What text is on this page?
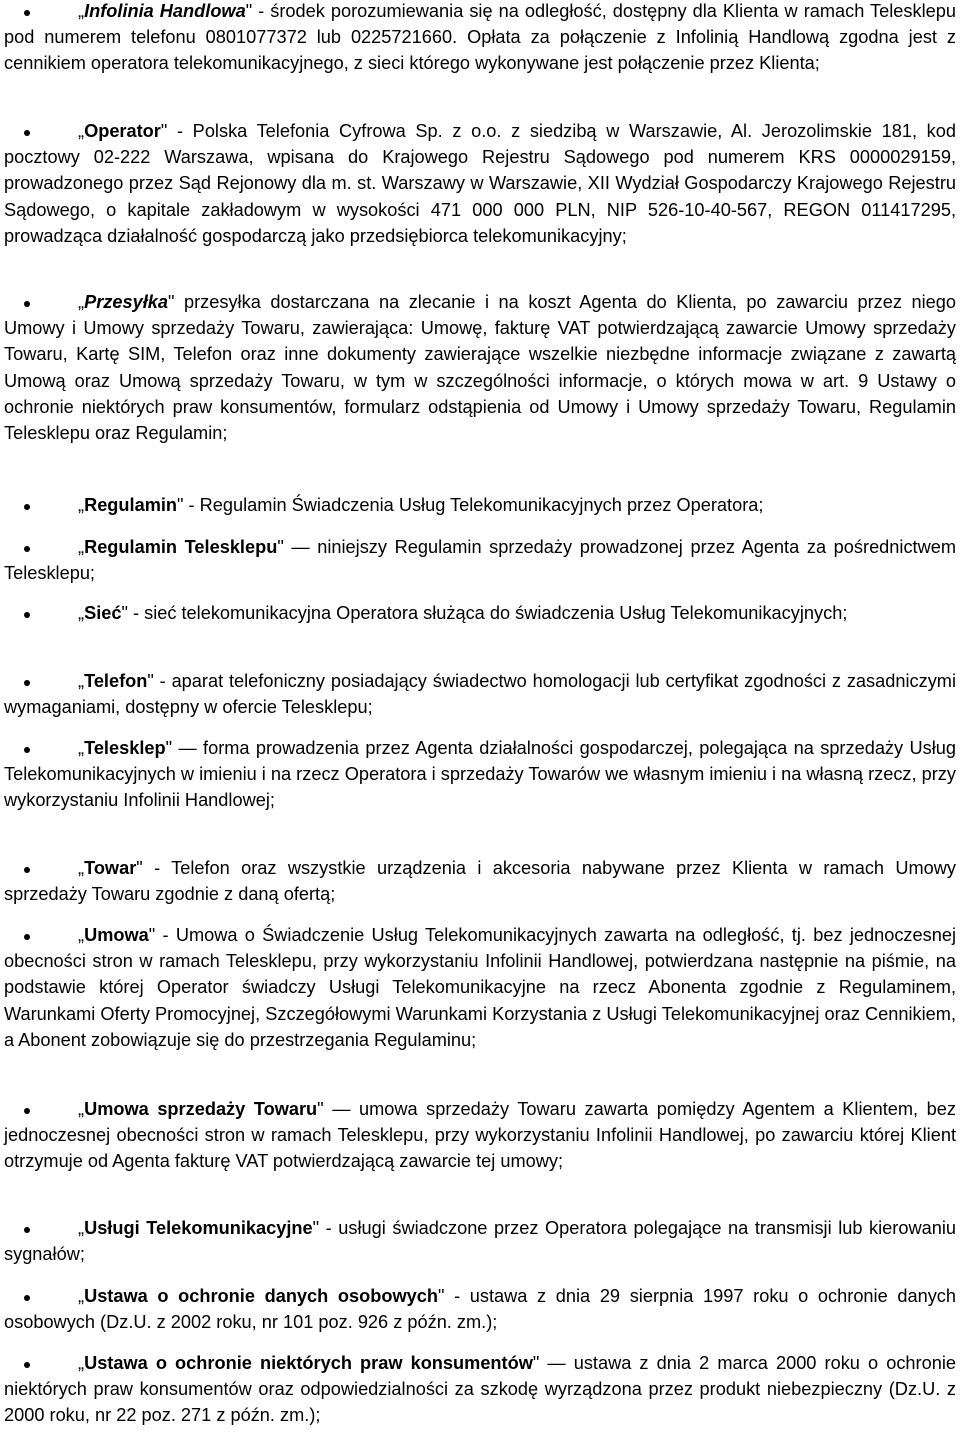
„Infolinia Handlowa" - środek porozumiewania się na odległość, dostępny dla Klienta w ramach Telesklepu pod numerem telefonu 0801077372 lub 0225721660. Opłata za połączenie z Infolinią Handlową zgodna jest z cennikiem operatora telekomunikacyjnego, z sieci którego wykonywane jest połączenie przez Klienta;

„Operator" - Polska Telefonia Cyfrowa Sp. z o.o. z siedzibą w Warszawie, Al. Jerozolimskie 181, kod pocztowy 02-222 Warszawa, wpisana do Krajowego Rejestru Sądowego pod numerem KRS 0000029159, prowadzonego przez Sąd Rejonowy dla m. st. Warszawy w Warszawie, XII Wydział Gospodarczy Krajowego Rejestru Sądowego, o kapitale zakładowym w wysokości 471 000 000 PLN, NIP 526-10-40-567, REGON 011417295, prowadząca działalność gospodarczą jako przedsiębiorca telekomunikacyjny;

„Przesyłka" przesyłka dostarczana na zlecanie i na koszt Agenta do Klienta, po zawarciu przez niego Umowy i Umowy sprzedaży Towaru, zawierająca: Umowę, fakturę VAT potwierdzającą zawarcie Umowy sprzedaży Towaru, Kartę SIM, Telefon oraz inne dokumenty zawierające wszelkie niezbędne informacje związane z zawartą Umową oraz Umową sprzedaży Towaru, w tym w szczególności informacje, o których mowa w art. 9 Ustawy o ochronie niektórych praw konsumentów, formularz odstąpienia od Umowy i Umowy sprzedaży Towaru, Regulamin Telesklepu oraz Regulamin;

„Regulamin" - Regulamin Świadczenia Usług Telekomunikacyjnych przez Operatora;

„Regulamin Telesklepu" — niniejszy Regulamin sprzedaży prowadzonej przez Agenta za pośrednictwem Telesklepu;

„Sieć" - sieć telekomunikacyjna Operatora służąca do świadczenia Usług Telekomunikacyjnych;

„Telefon" - aparat telefoniczny posiadający świadectwo homologacji lub certyfikat zgodności z zasadniczymi wymaganiami, dostępny w ofercie Telesklepu;

„Telesklep" — forma prowadzenia przez Agenta działalności gospodarczej, polegająca na sprzedaży Usług Telekomunikacyjnych w imieniu i na rzecz Operatora i sprzedaży Towarów we własnym imieniu i na własną rzecz, przy wykorzystaniu Infolinii Handlowej;

„Towar" - Telefon oraz wszystkie urządzenia i akcesoria nabywane przez Klienta w ramach Umowy sprzedaży Towaru zgodnie z daną ofertą;

„Umowa" - Umowa o Świadczenie Usług Telekomunikacyjnych zawarta na odległość, tj. bez jednoczesnej obecności stron w ramach Telesklepu, przy wykorzystaniu Infolinii Handlowej, potwierdzana następnie na piśmie, na podstawie której Operator świadczy Usługi Telekomunikacyjne na rzecz Abonenta zgodnie z Regulaminem, Warunkami Oferty Promocyjnej, Szczegółowymi Warunkami Korzystania z Usługi Telekomunikacyjnej oraz Cennikiem, a Abonent zobowiązuje się do przestrzegania Regulaminu;

„Umowa sprzedaży Towaru" — umowa sprzedaży Towaru zawarta pomiędzy Agentem a Klientem, bez jednoczesnej obecności stron w ramach Telesklepu, przy wykorzystaniu Infolinii Handlowej, po zawarciu której Klient otrzymuje od Agenta fakturę VAT potwierdzającą zawarcie tej umowy;

„Usługi Telekomunikacyjne" - usługi świadczone przez Operatora polegające na transmisji lub kierowaniu sygnałów;

„Ustawa o ochronie danych osobowych" - ustawa z dnia 29 sierpnia 1997 roku o ochronie danych osobowych (Dz.U. z 2002 roku, nr 101 poz. 926 z późn. zm.);

„Ustawa o ochronie niektórych praw konsumentów" — ustawa z dnia 2 marca 2000 roku o ochronie niektórych praw konsumentów oraz odpowiedzialności za szkodę wyrządzona przez produkt niebezpieczny (Dz.U. z 2000 roku, nr 22 poz. 271 z późn. zm.);
